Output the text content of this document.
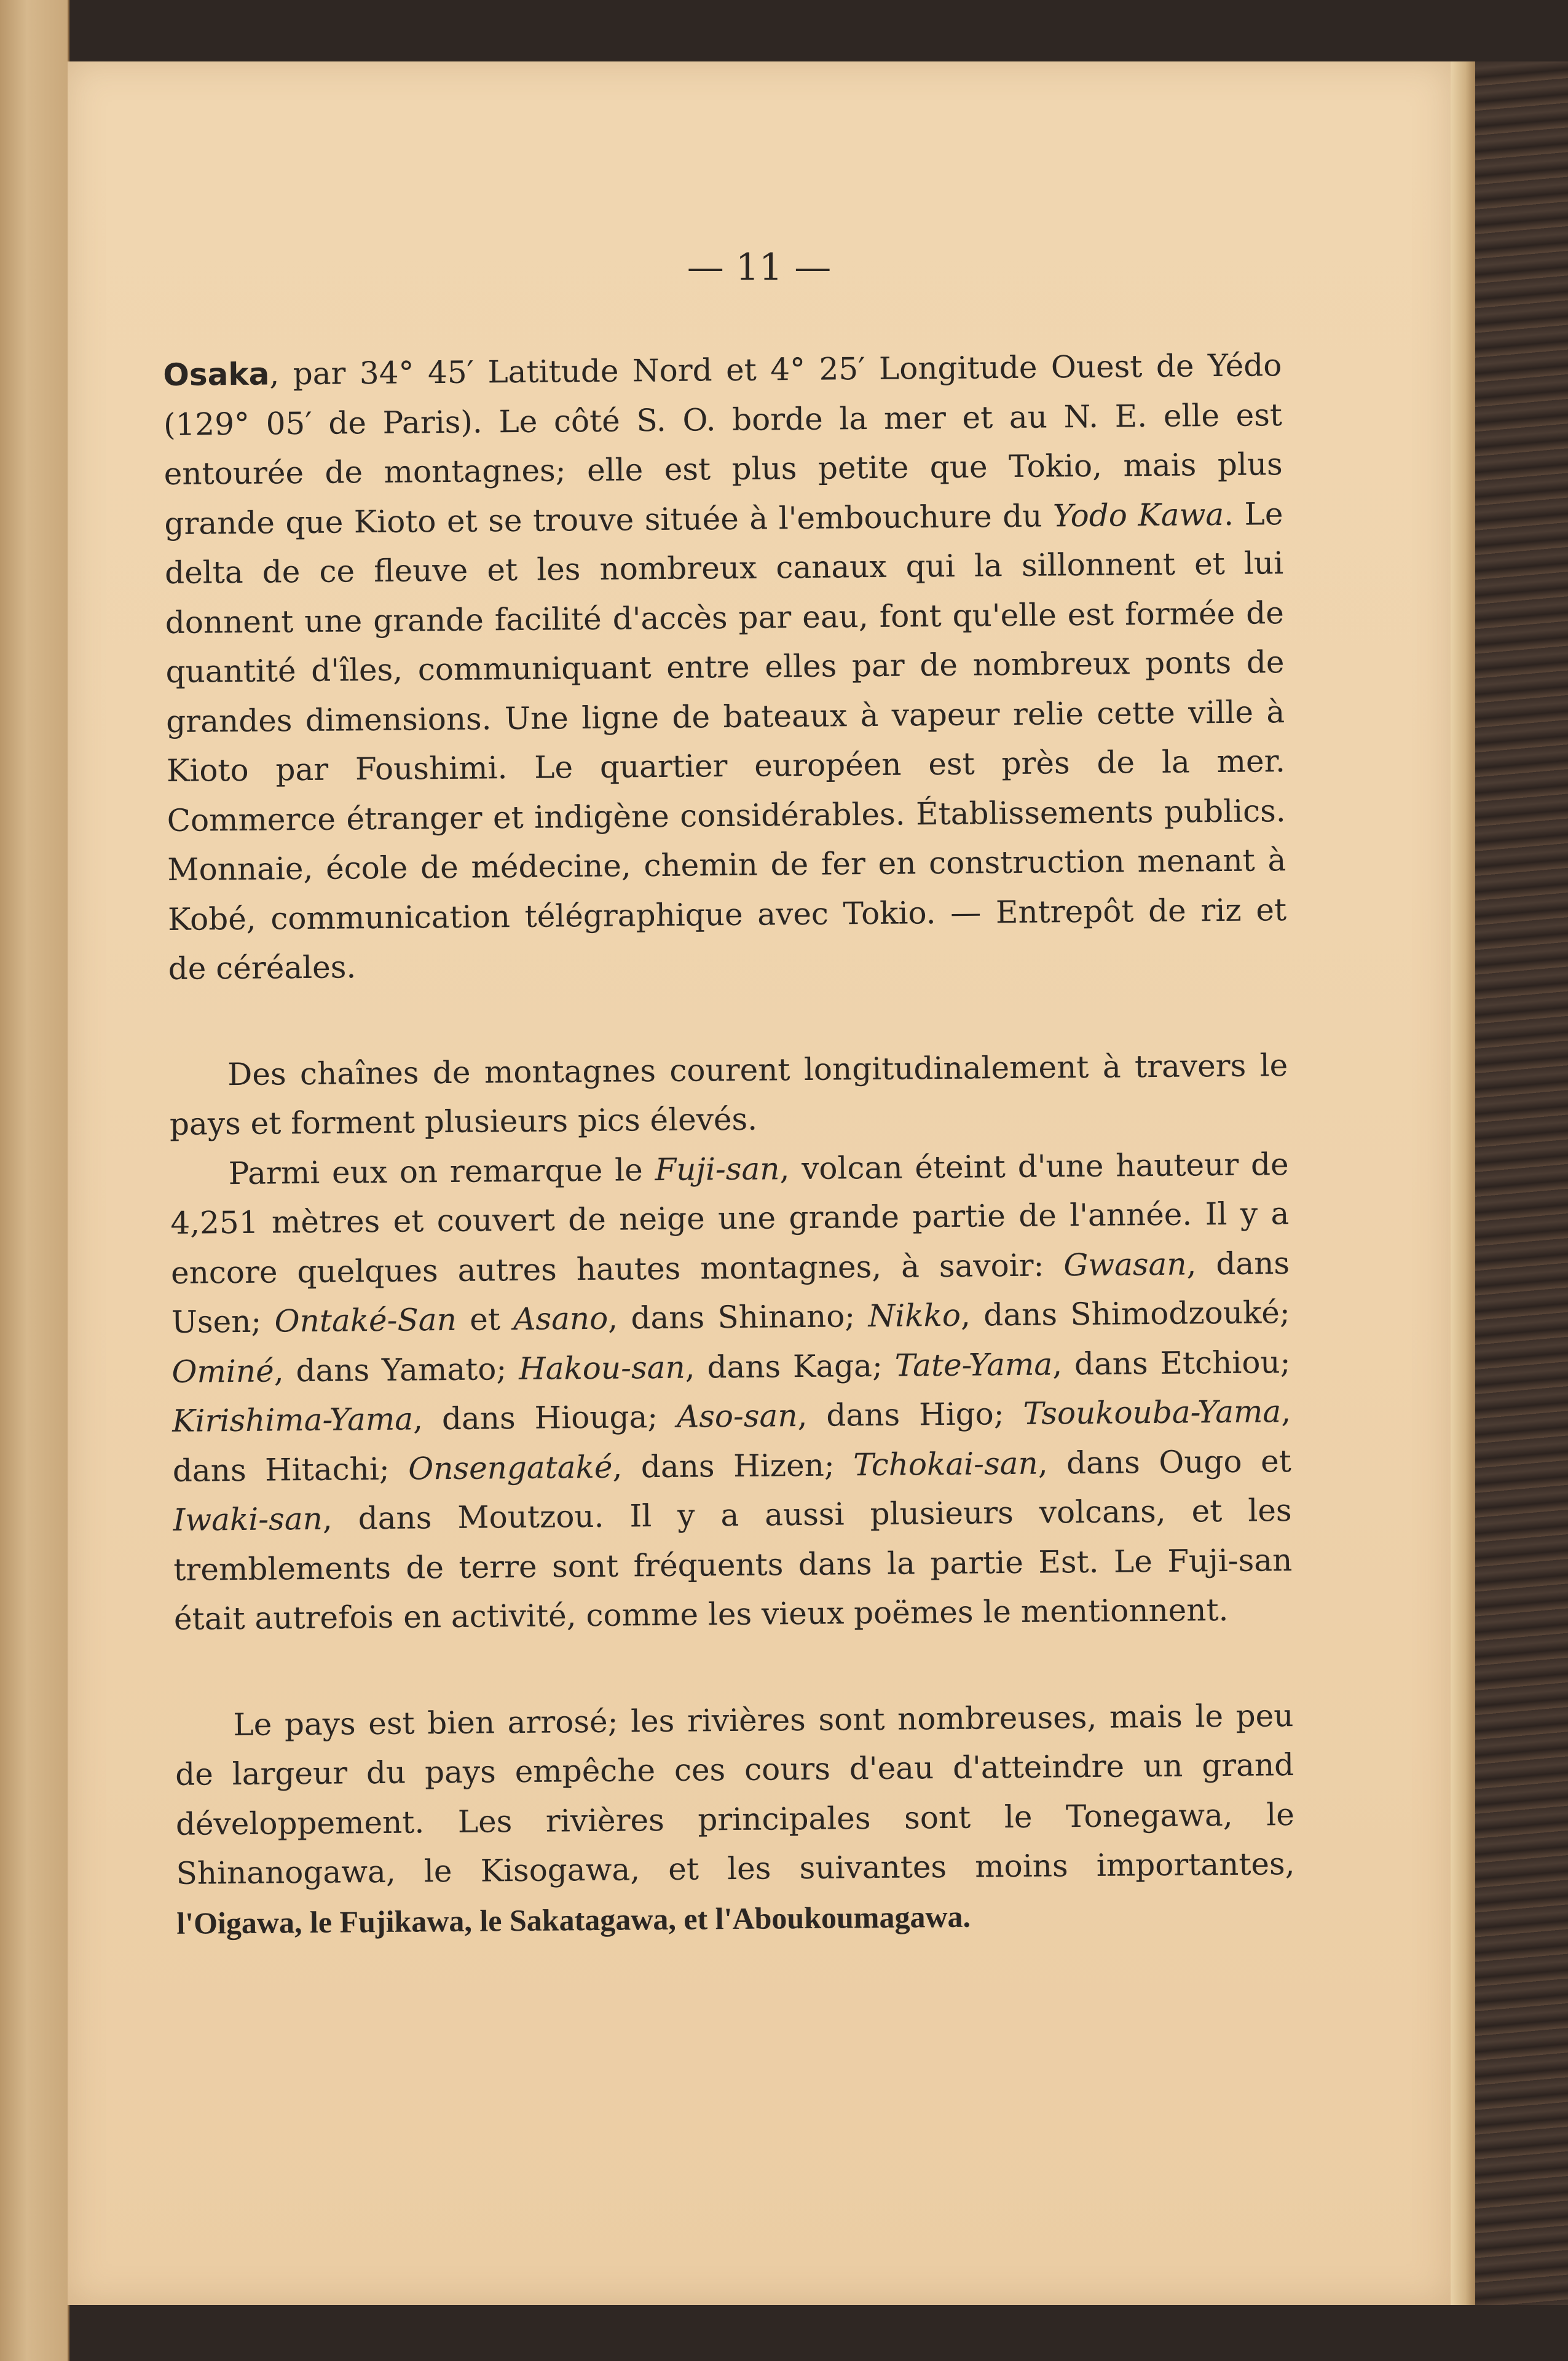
— 11 —

Osaka, par 34° 45′ Latitude Nord et 4° 25′ Longitude Ouest de Yédo (129° 05′ de Paris). Le côté S. O. borde la mer et au N. E. elle est entourée de montagnes; elle est plus petite que Tokio, mais plus grande que Kioto et se trouve située à l'embouchure du Yodo Kawa. Le delta de ce fleuve et les nombreux canaux qui la sillonnent et lui donnent une grande facilité d'accès par eau, font qu'elle est formée de quantité d'îles, communiquant entre elles par de nombreux ponts de grandes dimensions. Une ligne de bateaux à vapeur relie cette ville à Kioto par Foushimi. Le quartier européen est près de la mer. Commerce étranger et indigène considérables. Établissements publics. Monnaie, école de médecine, chemin de fer en construction menant à Kobé, communication télégraphique avec Tokio. — Entrepôt de riz et de céréales.

Des chaînes de montagnes courent longitudinalement à travers le pays et forment plusieurs pics élevés.

Parmi eux on remarque le Fuji-san, volcan éteint d'une hauteur de 4,251 mètres et couvert de neige une grande partie de l'année. Il y a encore quelques autres hautes montagnes, à savoir: Gwasan, dans Usen; Ontaké-San et Asano, dans Shinano; Nikko, dans Shimodzouké; Ominé, dans Yamato; Hakou-san, dans Kaga; Tate-Yama, dans Etchiou; Kirishima-Yama, dans Hiouga; Aso-san, dans Higo; Tsoukouba-Yama, dans Hitachi; Onsengataké, dans Hizen; Tchokai-san, dans Ougo et Iwaki-san, dans Moutzou. Il y a aussi plusieurs volcans, et les tremblements de terre sont fréquents dans la partie Est. Le Fuji-san était autrefois en activité, comme les vieux poëmes le mentionnent.

Le pays est bien arrosé; les rivières sont nombreuses, mais le peu de largeur du pays empêche ces cours d'eau d'atteindre un grand développement. Les rivières principales sont le Tonegawa, le Shinanogawa, le Kisogawa, et les suivantes moins importantes, l'Oigawa, le Fujikawa, le Sakatagawa, et l'Aboukoumagawa.
